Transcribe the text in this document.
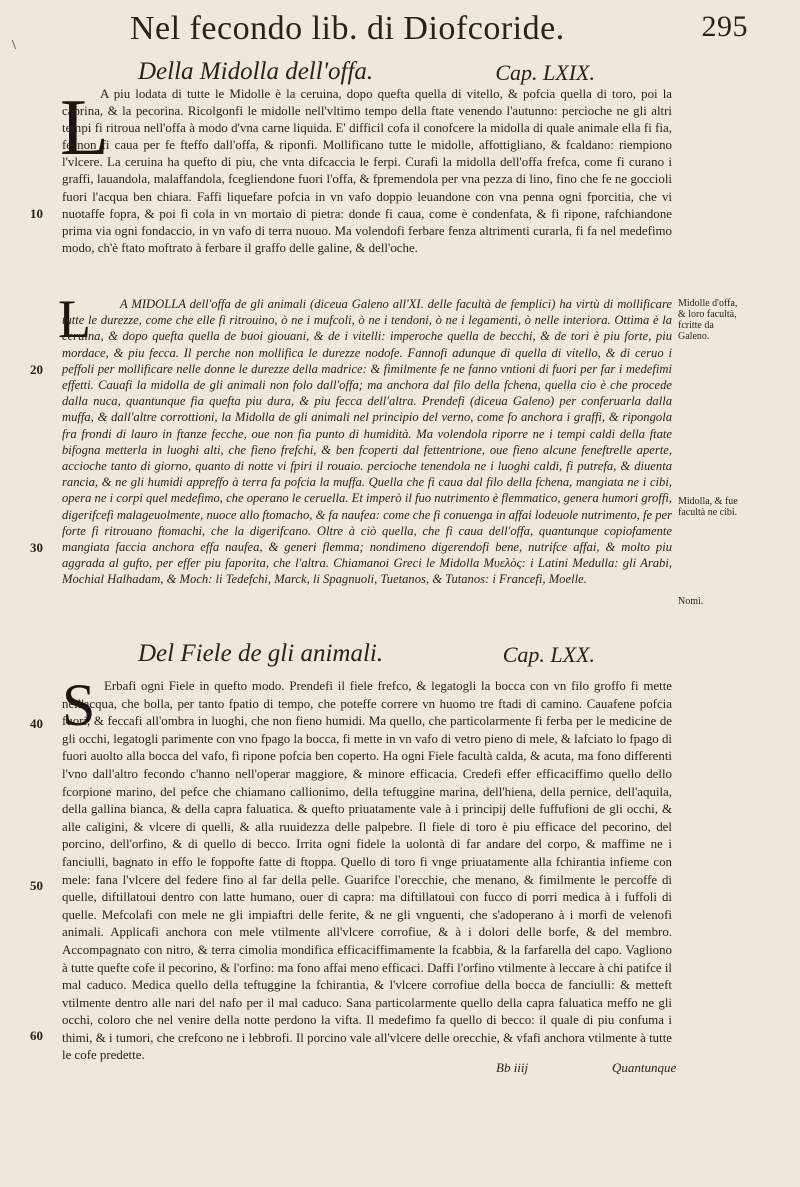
\	Nel fecondo lib. di Diofcoride.	295
Della Midolla dell'offa.	Cap. LXIX.
L

A piu lodata di tutte le Midolle è la ceruina, dopo quefta quella di vitello, & pofcia quella di toro, poi la caprina, & la pecorina. Ricolgonfi le midolle nell'vltimo tempo della ftate venendo l'autunno: percioche ne gli altri tempi fi ritroua nell'offa à modo d'vna carne liquida. E' difficil cofa il conofcere la midolla di quale animale ella fi fia, fe non fi caua per fe fteffo dall'offa, & riponfi. Mollificano tutte le midolle, affottigliano, & fcaldano: riempiono l'vlcere. La ceruina ha quefto di piu, che vnta difcaccia le ferpi. Curafi la midolla dell'offa frefca, come fi curano i graffi, lauandola, malaffandola, fcegliendone fuori l'offa, & fpremendola per vna pezza di lino, fino che fe ne goccioli fuori l'acqua ben chiara. Faffi liquefare pofcia in vn vafo doppio leuandone con vna penna ogni fporcitia, che vi nuotaffe fopra, & poi fi cola in vn mortaio di pietra: donde fi caua, come è condenfata, & fi ripone, rafchiandone prima via ogni fondaccio, in vn vafo di terra nuouo. Ma volendofi ferbare fenza altrimenti curarla, fi fa nel medefimo modo, ch'è ftato moftrato à ferbare il graffo delle galine, & dell'oche.

L	A MIDOLLA dell'offa de gli animali (diceua Galeno all'XI. delle facultà de femplici) ha virtù di mollificare tutte le durezze, come che elle fi ritrouino, ò ne i mufcoli, ò ne i tendoni, ò ne i legamenti, ò nelle interiora. Ottima è la ceruina, & dopo quefta quella de buoi giouani, & de i vitelli: imperoche quella de becchi, & de tori è piu forte, piu mordace, & piu fecca. Il perche non mollifica le durezze nodofe. Fannofi adunque di quella di vitello, & di ceruo i peffoli per mollificare nelle donne le durezze della madrice: & fimilmente fe ne fanno vntioni di fuori per far i medefimi effetti. Cauafi la midolla de gli animali non folo dall'offa; ma anchora dal filo della fchena, quella cio è che procede dalla nuca, quantunque fia quefta piu dura, & piu fecca dell'altra. Prendefi (diceua Galeno) per conferuarla dalla muffa, & dall'altre corrottioni, la Midolla de gli animali nel principio del verno, come fo anchora i graffi, & ripongola fra frondi di lauro in ftanze fecche, oue non fia punto di humidità. Ma volendola riporre ne i tempi caldi della ftate bifogna metterla in luoghi alti, che fieno frefchi, & ben fcoperti dal fettentrione, oue fieno alcune feneftrelle aperte, accioche tanto di giorno, quanto di notte vi fpiri il rouaio. percioche tenendola ne i luoghi caldi, fi putrefa, & diuenta rancia, & ne gli humidi appreffo à terra fa pofcia la muffa. Quella che fi caua dal filo della fchena, mangiata ne i cibi, opera ne i corpi quel medefimo, che operano le ceruella. Et imperò il fuo nutrimento è flemmatico, genera humori groffi, digerifcefi malageuolmente, nuoce allo ftomacho, & fa naufea: come che fi conuenga in affai lodeuole nutrimento, fe per forte fi ritrouano ftomachi, che la digerifcano. Oltre à ciò quella, che fi caua dell'offa, quantunque copiofamente mangiata faccia anchora effa naufea, & generi flemma; nondimeno digerendofi bene, nutrifce affai, & molto piu aggrada al gufto, per effer piu faporita, che l'altra. Chiamanoi Greci le Midolla Μυελὸς: i Latini Medulla: gli Arabi, Mochial Halhadam, & Moch: li Tedefchi, Marck, li Spagnuoli, Tuetanos, & Tutanos: i Francefi, Moelle.

Del Fiele de gli animali.	Cap. LXX.
S Erbafi ogni Fiele in quefto modo. Prendefi il fiele frefco, & legatogli la bocca con vn filo groffo fi mette nell'acqua, che bolla, per tanto fpatio di tempo, che poteffe correre vn huomo tre ftadi di camino. Cauafene pofcia fuori, & feccafi all'ombra in luoghi, che non fieno humidi. Ma quello, che particolarmente fi ferba per le medicine de gli occhi, legatogli parimente con vno fpago la bocca, fi mette in vn vafo di vetro pieno di mele, & lafciato lo fpago di fuori auolto alla bocca del vafo, fi ripone pofcia ben coperto. Ha ogni Fiele facultà calda, & acuta, ma fono differenti l'vno dall'altro fecondo c'hanno nell'operar maggiore, & minore efficacia. Credefi effer efficaciffimo quello dello fcorpione marino, del pefce che chiamano callionimo, della teftuggine marina, dell'hiena, della pernice, dell'aquila, della gallina bianca, & della capra faluatica. & quefto priuatamente vale à i principij delle fuffufioni de gli occhi, & alle caligini, & vlcere di quelli, & alla ruuidezza delle palpebre. Il fiele di toro è piu efficace del pecorino, del porcino, dell'orfino, & di quello di becco. Irrita ogni fidele la uolontà di far andare del corpo, & maffime ne i fanciulli, bagnato in effo le foppofte fatte di ftoppa. Quello di toro fi vnge priuatamente alla fchirantia infieme con mele: fana l'vlcere del federe fino al far della pelle. Guarifce l'orecchie, che menano, & fimilmente le percoffe di quelle, diftillatoui dentro con latte humano, ouer di capra: ma diftillatoui con fucco di porri medica à i fuffoli di quelle. Mefcolafi con mele ne gli impiaftri delle ferite, & ne gli vnguenti, che s'adoperano à i morfi de velenofi animali. Applicafi anchora con mele vtilmente all'vlcere corrofiue, & à i dolori delle borfe, & del membro. Accompagnato con nitro, & terra cimolia mondifica efficaciffimamente la fcabbia, & la farfarella del capo. Vagliono à tutte quefte cofe il pecorino, & l'orfino: ma fono affai meno efficaci. Daffi l'orfino vtilmente à leccare à chi patifce il mal caduco. Medica quello della teftuggine la fchirantia, & l'vlcere corrofiue della bocca de fanciulli: & metteft vtilmente dentro alle nari del nafo per il mal caduco. Sana particolarmente quello della capra faluatica meffo ne gli occhi, coloro che nel venire della notte perdono la vifta. Il medefimo fa quello di becco: il quale di piu confuma i thimi, & i tumori, che crefcono ne i lebbrofi. Il porcino vale all'vlcere delle orecchie, & vfafi anchora vtilmente à tutte le cofe predette.

10
20
30
40
50
60
Midolle d'offa, & loro facultà, fcritte da Galeno.
Midolla, & fue facultà ne cibi.
Nomi.
Bb iiij	Quantunque
